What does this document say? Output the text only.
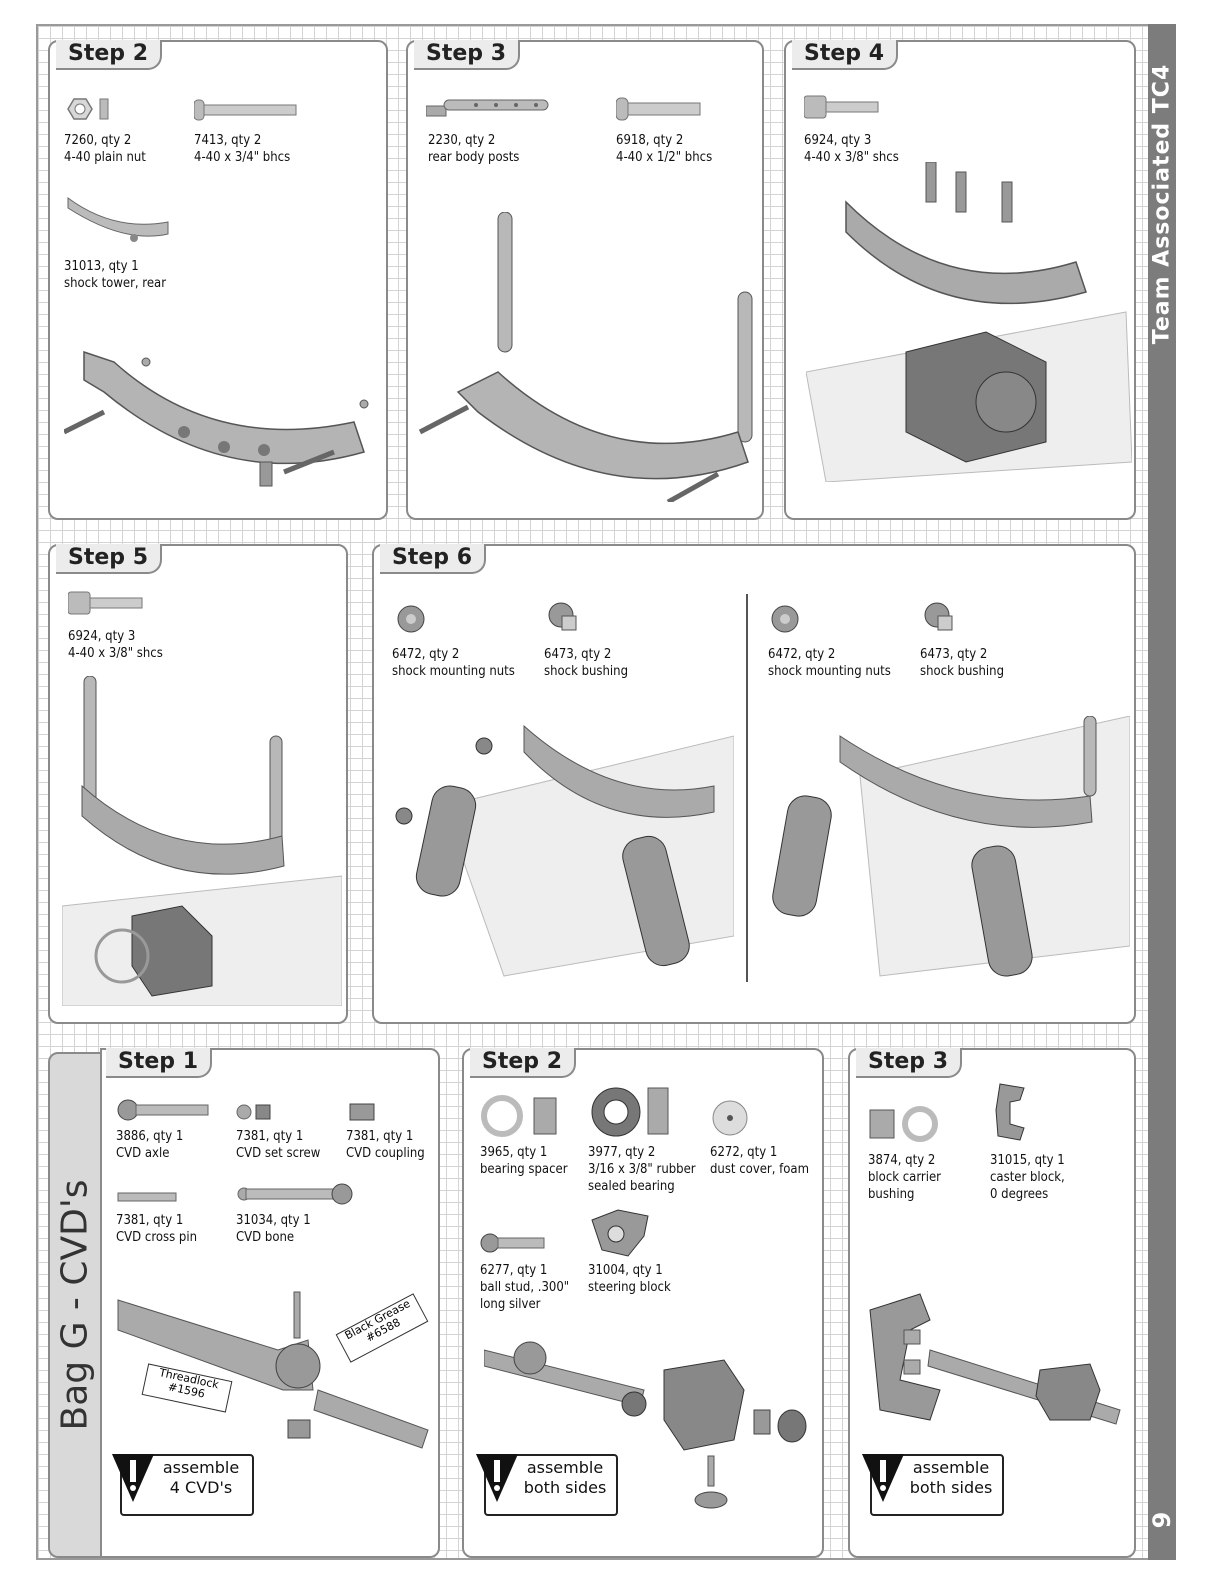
Team Associated TC4
9
Step 2
7260, qty 2
4-40 plain nut
7413, qty 2
4-40 x 3/4" bhcs
31013, qty 1
shock tower, rear
Step 3
2230, qty 2
rear body posts
6918, qty 2
4-40 x 1/2" bhcs
Step 4
6924, qty 3
4-40 x 3/8" shcs
Step 5
6924, qty 3
4-40 x 3/8" shcs
Step 6
6472, qty 2
shock mounting nuts
6473, qty 2
shock bushing
6472, qty 2
shock mounting nuts
6473, qty 2
shock bushing
Bag G - CVD's
Step 1
3886, qty 1
CVD axle
7381, qty 1
CVD set screw
7381, qty 1
CVD coupling
7381, qty 1
CVD cross pin
31034, qty 1
CVD bone
Black Grease
#6588
Threadlock
#1596
assemble
4 CVD's
Step 2
3965, qty 1
bearing spacer
3977, qty 2
3/16 x 3/8" rubber
sealed bearing
6272, qty 1
dust cover, foam
6277, qty 1
ball stud, .300"
long silver
31004, qty 1
steering block
assemble
both sides
Step 3
3874, qty 2
block carrier
bushing
31015, qty 1
caster block,
0 degrees
assemble
both sides
